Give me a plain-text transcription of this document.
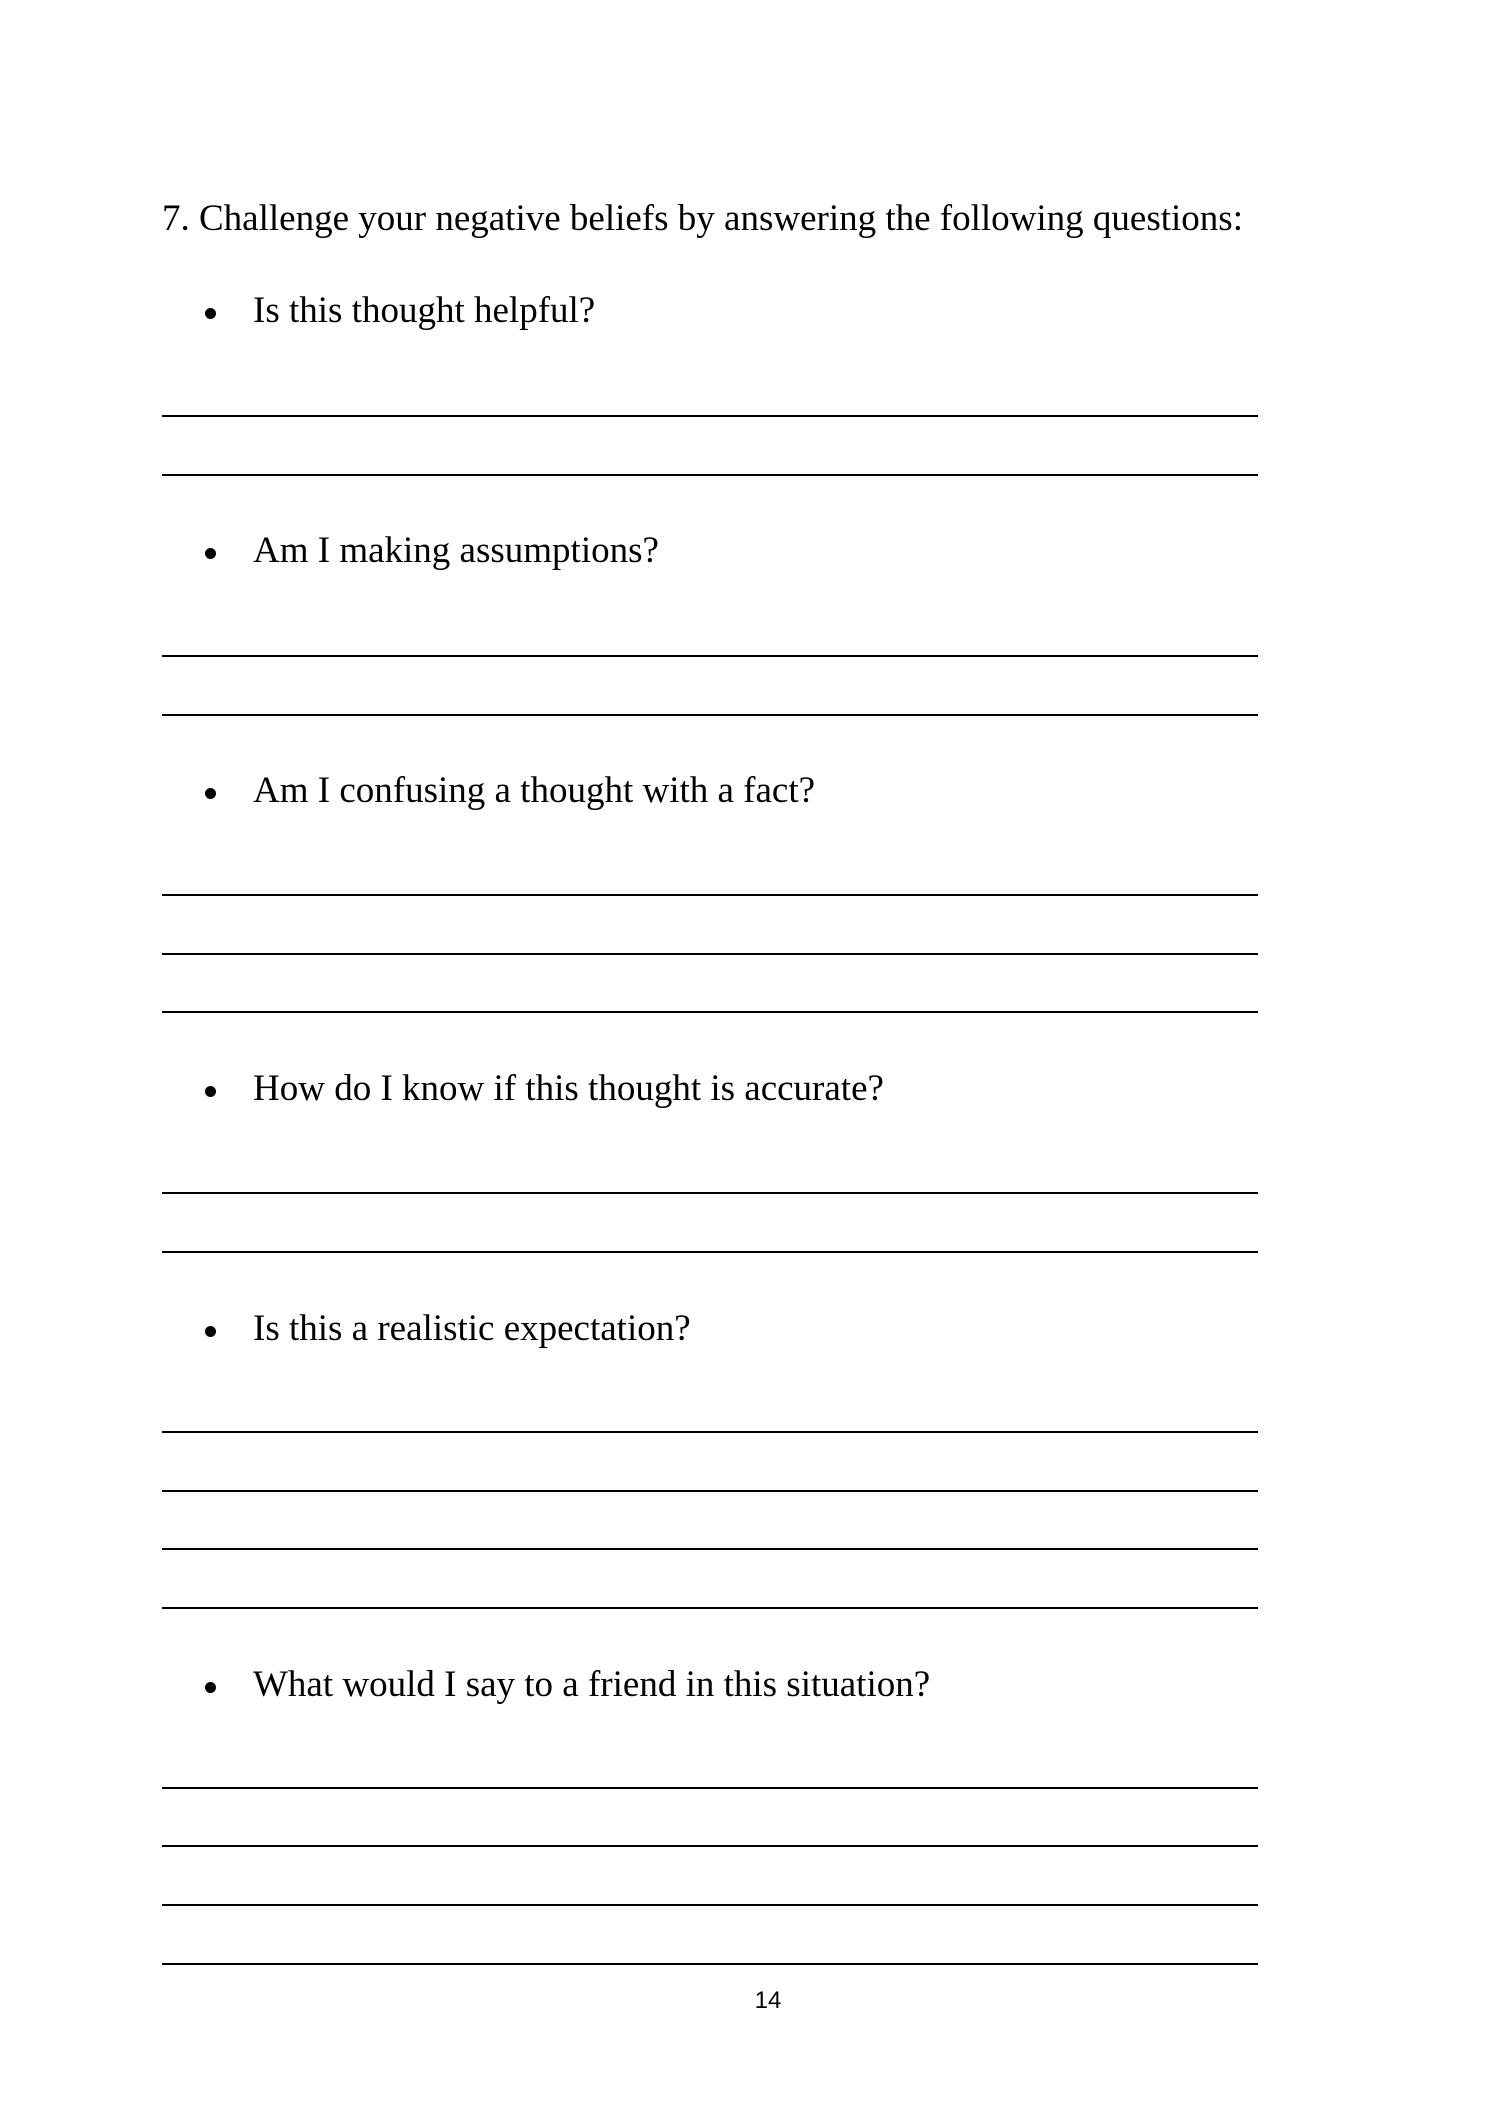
7. Challenge your negative beliefs by answering the following questions:
Is this thought helpful?
Am I making assumptions?
Am I confusing a thought with a fact?
How do I know if this thought is accurate?
Is this a realistic expectation?
What would I say to a friend in this situation?
14
